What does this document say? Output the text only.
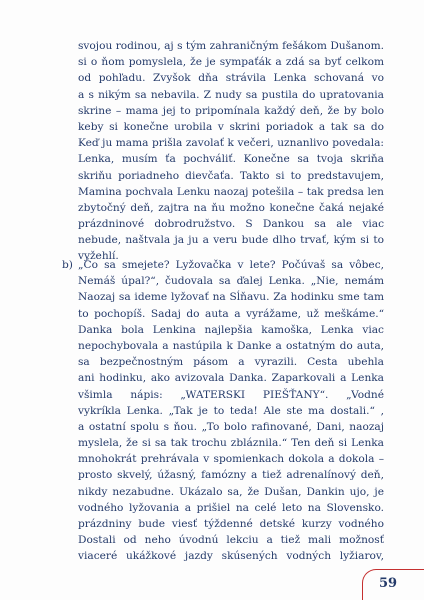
svojou rodinou, aj s tým zahraničným fešákom Dušanom.
si o ňom pomyslela, že je sympaťák a zdá sa byť celkom
od pohľadu. Zvyšok dňa strávila Lenka schovaná vo
a s nikým sa nebavila. Z nudy sa pustila do upratovania
skrine – mama jej to pripomínala každý deň, že by bolo
keby si konečne urobila v skrini poriadok a tak sa do
Keď ju mama prišla zavolať k večeri, uznanlivo povedala:
Lenka, musím ťa pochváliť. Konečne sa tvoja skriňa
skriňu poriadneho dievčaťa. Takto si to predstavujem,
Mamina pochvala Lenku naozaj potešila – tak predsa len
zbytočný deň, zajtra na ňu možno konečne čaká nejaké
prázdninové dobrodružstvo. S Dankou sa ale viac
nebude, naštvala ja ju a veru bude dlho trvať, kým si to
vyžehlí.
b) „Čo sa smejete? Lyžovačka v lete? Počúvaš sa vôbec,
Nemáš úpal?“, čudovala sa ďalej Lenka. „Nie, nemám
Naozaj sa ideme lyžovať na Sĺňavu. Za hodinku sme tam
to pochopíš. Sadaj do auta a vyrážame, už meškáme.“
Danka bola Lenkina najlepšia kamoška, Lenka viac
nepochybovala a nastúpila k Danke a ostatným do auta,
sa bezpečnostným pásom a vyrazili. Cesta ubehla
ani hodinku, ako avizovala Danka. Zaparkovali a Lenka
všimla nápis: „WATERSKI PIEŠŤANY“. „Vodné
vykríkla Lenka. „Tak je to teda! Ale ste ma dostali.“ ,
a ostatní spolu s ňou. „To bolo rafinované, Dani, naozaj
myslela, že si sa tak trochu zbláznila.“ Ten deň si Lenka
mnohokrát prehrávala v spomienkach dokola a dokola –
prosto skvelý, úžasný, famózny a tiež adrenalínový deň,
nikdy nezabudne. Ukázalo sa, že Dušan, Dankin ujo, je
vodného lyžovania a prišiel na celé leto na Slovensko.
prázdniny bude viesť týždenné detské kurzy vodného
Dostali od neho úvodnú lekciu a tiež mali možnosť
viaceré ukážkové jazdy skúsených vodných lyžiarov,
59
